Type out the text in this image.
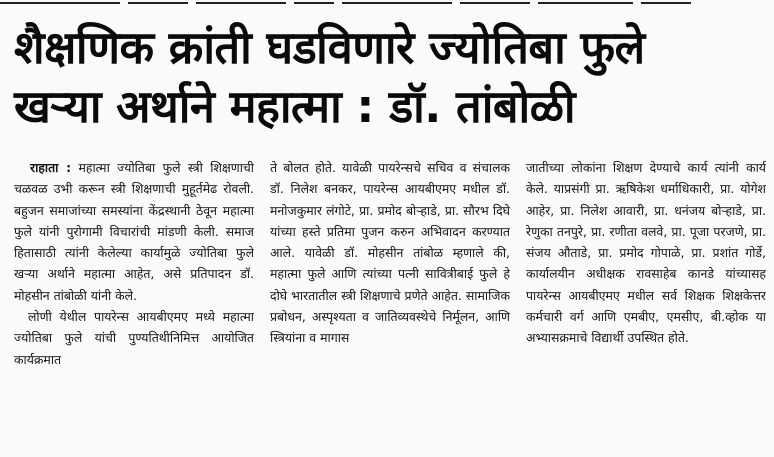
शैक्षणिक क्रांती घडविणारे ज्योतिबा फुले
खऱ्या अर्थाने महात्मा : डॉ. तांबोळी

राहाता : महात्मा ज्योतिबा फुले स्त्री शिक्षणाची चळवळ उभी करून स्त्री शिक्षणाची मुहूर्तमेढ रोवली. बहुजन समाजांच्या समस्यांना केंद्रस्थानी ठेवून महात्मा फुले यांनी पुरोगामी विचारांची मांडणी केली. समाज हितासाठी त्यांनी केलेल्या कार्यामुळे ज्योतिबा फुले खऱ्या अर्थाने महात्मा आहेत, असे प्रतिपादन डॉ. मोहसीन तांबोळी यांनी केले.

लोणी येथील पायरेन्स आयबीएमए मध्ये महात्मा ज्योतिबा फुले यांची पुण्यतिथीनिमित्त आयोजित कार्यक्रमात

ते बोलत होते. यावेळी पायरेन्सचे सचिव व संचालक डॉ. निलेश बनकर, पायरेन्स आयबीएमए मधील डॉ. मनोजकुमार लंगोटे, प्रा. प्रमोद बोऱ्हाडे, प्रा. सौरभ दिघे यांच्या हस्ते प्रतिमा पुजन करुन अभिवादन करण्यात आले. यावेळी डॉ. मोहसीन तांबोळ म्हणाले की, महात्मा फुले आणि त्यांच्या पत्नी सावित्रीबाई फुले हे दोघे भारतातील स्त्री शिक्षणाचे प्रणेते आहेत. सामाजिक प्रबोधन, अस्पृश्यता व जातिव्यवस्थेचे निर्मूलन, आणि स्त्रियांना व मागास

जातीच्या लोकांना शिक्षण देण्याचे कार्य त्यांनी कार्य केले. याप्रसंगी प्रा. ऋषिकेश धर्माधिकारी, प्रा. योगेश आहेर, प्रा. निलेश आवारी, प्रा. धनंजय बोऱ्हाडे, प्रा. रेणुका तनपुरे, प्रा. रणीता वलवे, प्रा. पूजा परजणे, प्रा. संजय औताडे, प्रा. प्रमोद गोपाळे, प्रा. प्रशांत गोर्डे, कार्यालयीन अधीक्षक रावसाहेब कानडे यांच्यासह पायरेन्स आयबीएमए मधील सर्व शिक्षक शिक्षकेत्तर कर्मचारी वर्ग आणि एमबीए, एमसीए, बी.व्होक या अभ्यासक्रमाचे विद्यार्थी उपस्थित होते.
